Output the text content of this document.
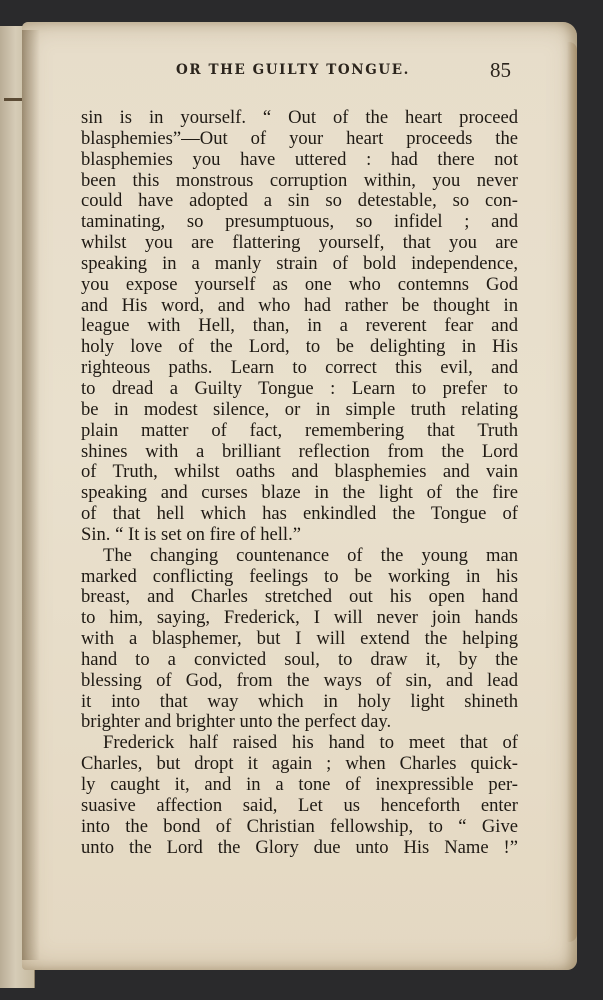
OR THE GUILTY TONGUE.	85
sin is in yourself. “ Out of the heart proceed
blasphemies”—Out of your heart proceeds the
blasphemies you have uttered : had there not
been this monstrous corruption within, you never
could have adopted a sin so detestable, so con-
taminating, so presumptuous, so infidel ; and
whilst you are flattering yourself, that you are
speaking in a manly strain of bold independence,
you expose yourself as one who contemns God
and His word, and who had rather be thought in
league with Hell, than, in a reverent fear and
holy love of the Lord, to be delighting in His
righteous paths. Learn to correct this evil, and
to dread a Guilty Tongue : Learn to prefer to
be in modest silence, or in simple truth relating
plain matter of fact, remembering that Truth
shines with a brilliant reflection from the Lord
of Truth, whilst oaths and blasphemies and vain
speaking and curses blaze in the light of the fire
of that hell which has enkindled the Tongue of
Sin. “ It is set on fire of hell.”
The changing countenance of the young man
marked conflicting feelings to be working in his
breast, and Charles stretched out his open hand
to him, saying, Frederick, I will never join hands
with a blasphemer, but I will extend the helping
hand to a convicted soul, to draw it, by the
blessing of God, from the ways of sin, and lead
it into that way which in holy light shineth
brighter and brighter unto the perfect day.
Frederick half raised his hand to meet that of
Charles, but dropt it again ; when Charles quick-
ly caught it, and in a tone of inexpressible per-
suasive affection said, Let us henceforth enter
into the bond of Christian fellowship, to “ Give
unto the Lord the Glory due unto His Name !”
